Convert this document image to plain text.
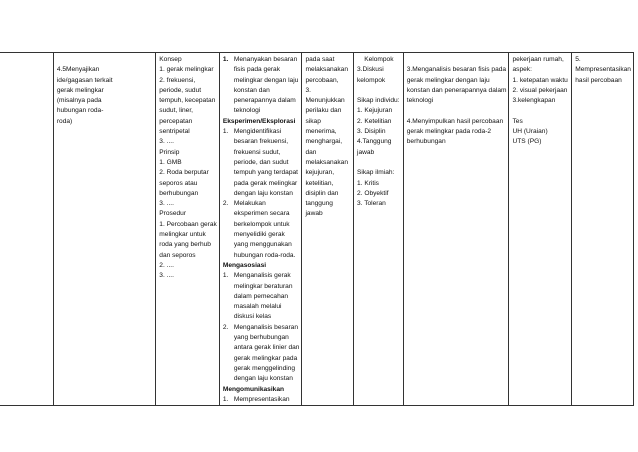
4.5Menyajikan
ide/gagasan terkait
gerak melingkar
(misalnya pada
hubungan roda-
roda)

Konsep
1. gerak melingkar
2. frekuensi,
periode, sudut
tempuh, kecepatan
sudut, liner,
percepatan
sentripetal
3. ....
Prinsip
1. GMB
2. Roda berputar
seporos atau
berhubungan
3. ....
Prosedur
1. Percobaan gerak
melingkar untuk
roda yang berhub
dan seporos
2. ....
3. ....

1. Menanyakan besaran
fisis pada gerak
melingkar dengan laju
konstan dan
penerapannya dalam
teknologi
Eksperimen/Eksplorasi
1. Mengidentifikasi
besaran frekuensi,
frekuensi sudut,
periode, dan sudut
tempuh yang terdapat
pada gerak melingkar
dengan laju konstan
2. Melakukan
eksperimen secara
berkelompok untuk
menyelidiki gerak
yang menggunakan
hubungan roda-roda.
Mengasosiasi
1. Menganalisis gerak
melingkar beraturan
dalam pemecahan
masalah melalui
diskusi kelas
2. Menganalisis besaran
yang berhubungan
antara gerak linier dan
gerak melingkar pada
gerak menggelinding
dengan laju konstan
Mengomunikasikan
1. Mempresentasikan

pada saat
melaksanakan
percobaan,
3.
Menunjukkan
perilaku dan
sikap
menerima,
menghargai,
dan
melaksanakan
kejujuran,
ketelitian,
disiplin dan
tanggung
jawab

Kelompok
3.Diskusi
kelompok
Sikap individu:
1. Kejujuran
2. Ketelitian
3. Disiplin
4.Tanggung
jawab
Sikap ilmiah:
1. Kritis
2. Obyektif
3. Toleran

3.Menganalisis besaran fisis pada
gerak melingkar dengan laju
konstan dan penerapannya dalam
teknologi
4.Menyimpulkan hasil percobaan
gerak melingkar pada roda-2
berhubungan

pekerjaan rumah,
aspek:
1. ketepatan waktu
2. visual pekerjaan
3.kelengkapan
Tes
UH (Uraian)
UTS (PG)

5.
Mempresentasikan
hasil percobaan
